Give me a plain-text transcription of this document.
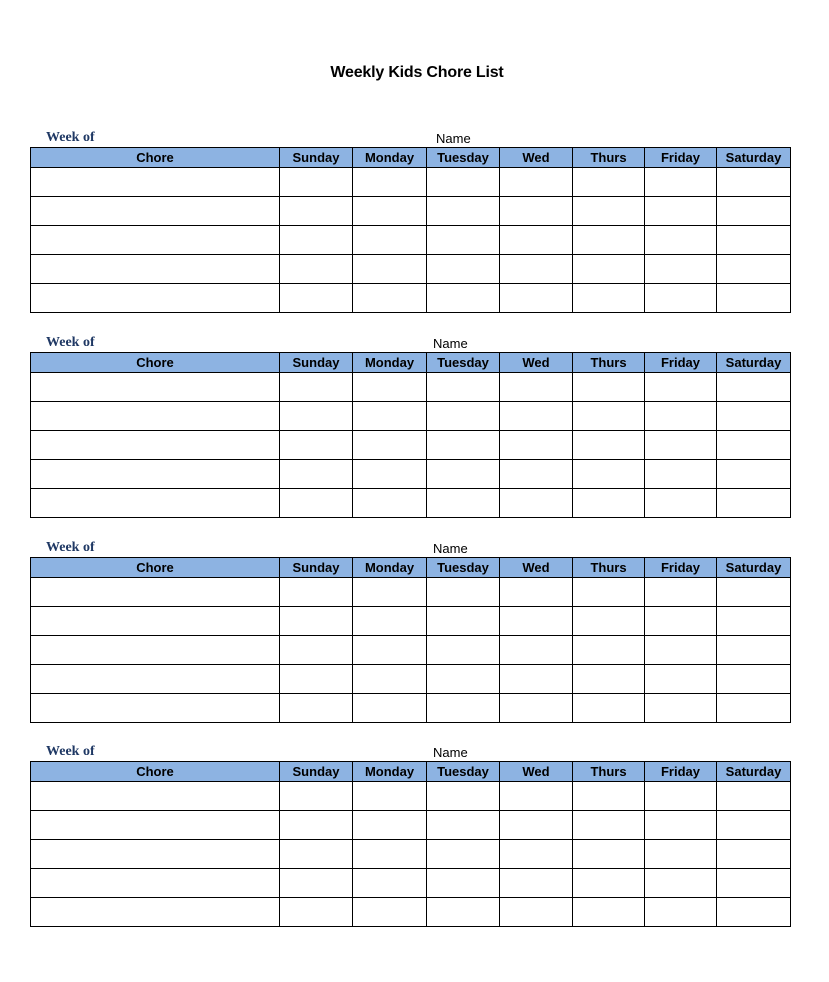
Weekly Kids Chore List
Week of	Name
Chore	Sunday	Monday	Tuesday	Wed	Thurs	Friday	Saturday

Week of	Name
Chore	Sunday	Monday	Tuesday	Wed	Thurs	Friday	Saturday

Week of	Name
Chore	Sunday	Monday	Tuesday	Wed	Thurs	Friday	Saturday

Week of	Name
Chore	Sunday	Monday	Tuesday	Wed	Thurs	Friday	Saturday
